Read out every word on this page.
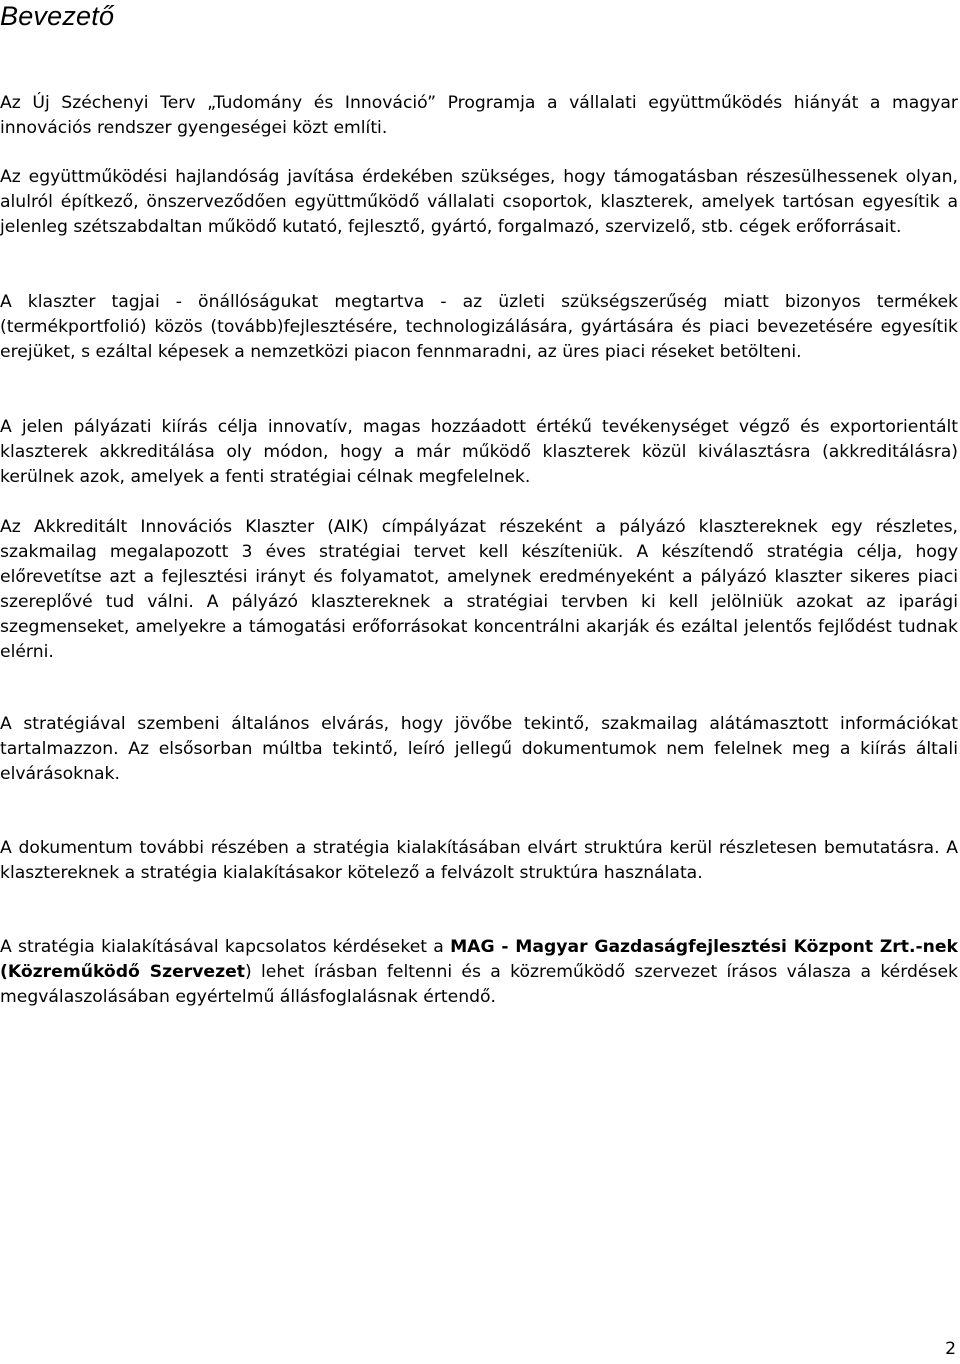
Bevezető

Az Új Széchenyi Terv „Tudomány és Innováció” Programja a vállalati együttműködés hiányát a magyar innovációs rendszer gyengeségei közt említi.

Az együttműködési hajlandóság javítása érdekében szükséges, hogy támogatásban részesülhessenek olyan, alulról építkező, önszerveződően együttműködő vállalati csoportok, klaszterek, amelyek tartósan egyesítik a jelenleg szétszabdaltan működő kutató, fejlesztő, gyártó, forgalmazó, szervizelő, stb. cégek erőforrásait.

A klaszter tagjai - önállóságukat megtartva - az üzleti szükségszerűség miatt bizonyos termékek (termékportfolió) közös (tovább)fejlesztésére, technologizálására, gyártására és piaci bevezetésére egyesítik erejüket, s ezáltal képesek a nemzetközi piacon fennmaradni, az üres piaci réseket betölteni.

A jelen pályázati kiírás célja innovatív, magas hozzáadott értékű tevékenységet végző és exportorientált klaszterek akkreditálása oly módon, hogy a már működő klaszterek közül kiválasztásra (akkreditálásra) kerülnek azok, amelyek a fenti stratégiai célnak megfelelnek.

Az Akkreditált Innovációs Klaszter (AIK) címpályázat részeként a pályázó klasztereknek egy részletes, szakmailag megalapozott 3 éves stratégiai tervet kell készíteniük. A készítendő stratégia célja, hogy előrevetítse azt a fejlesztési irányt és folyamatot, amelynek eredményeként a pályázó klaszter sikeres piaci szereplővé tud válni. A pályázó klasztereknek a stratégiai tervben ki kell jelölniük azokat az iparági szegmenseket, amelyekre a támogatási erőforrásokat koncentrálni akarják és ezáltal jelentős fejlődést tudnak elérni.

A stratégiával szembeni általános elvárás, hogy jövőbe tekintő, szakmailag alátámasztott információkat tartalmazzon. Az elsősorban múltba tekintő, leíró jellegű dokumentumok nem felelnek meg a kiírás általi elvárásoknak.

A dokumentum további részében a stratégia kialakításában elvárt struktúra kerül részletesen bemutatásra. A klasztereknek a stratégia kialakításakor kötelező a felvázolt struktúra használata.

A stratégia kialakításával kapcsolatos kérdéseket a MAG - Magyar Gazdaságfejlesztési Központ Zrt.-nek (Közreműködő Szervezet) lehet írásban feltenni és a közreműködő szervezet írásos válasza a kérdések megválaszolásában egyértelmű állásfoglalásnak értendő.

2
